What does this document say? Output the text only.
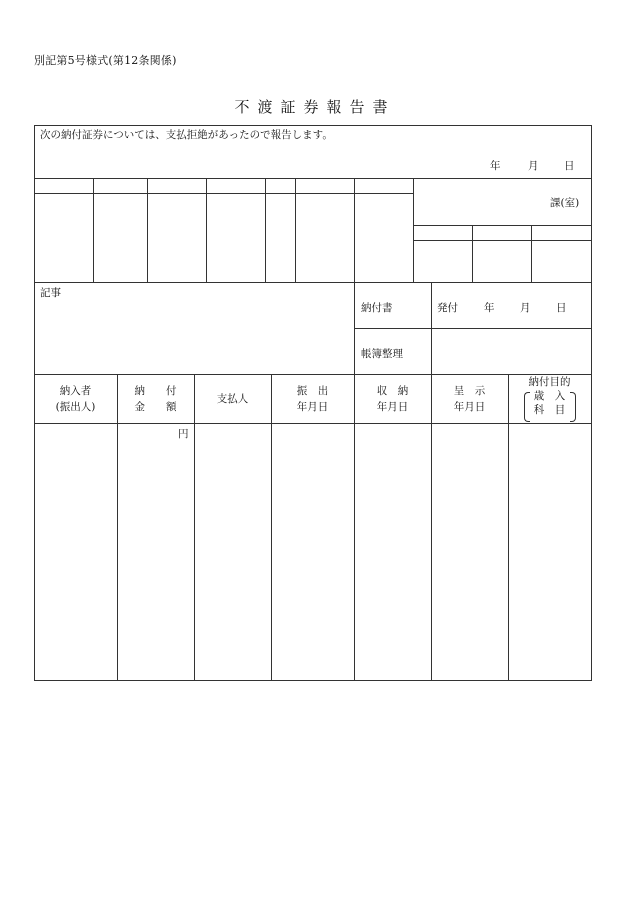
別記第5号様式(第12条関係)
不渡証券報告書
次の納付証券については、支払拒絶があったので報告します。
年	月 日
課(室)
記事
納付書	発付 年 月 日
帳簿整理
納入者
(振出人)
納　　付
金　　額
支払人
振　出
年月日
収　納
年月日
呈　示
年月日
納付目的
歳　入
科　目
円
